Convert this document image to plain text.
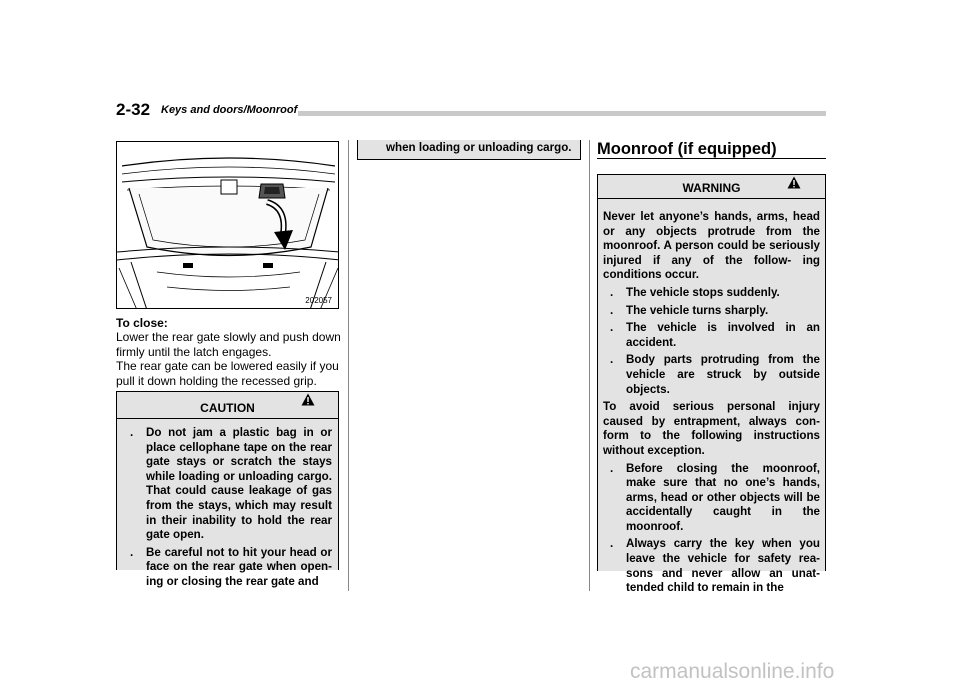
2-32 Keys and doors/Moonroof
202057
To close:
Lower the rear gate slowly and push down firmly until the latch engages.
The rear gate can be lowered easily if you pull it down holding the recessed grip.
CAUTION
. Do not jam a plastic bag in or place cellophane tape on the rear gate stays or scratch the stays while loading or unloading cargo. That could cause leakage of gas from the stays, which may result in their inability to hold the rear gate open.
. Be careful not to hit your head or face on the rear gate when open- ing or closing the rear gate and
when loading or unloading cargo.	Moonroof (if equipped)
WARNING
Never let anyone’s hands, arms, head or any objects protrude from the moonroof. A person could be seriously injured if any of the follow- ing conditions occur.
. The vehicle stops suddenly.
. The vehicle turns sharply.
. The vehicle is involved in an accident.
. Body parts protruding from the vehicle are struck by outside objects.
To avoid serious personal injury caused by entrapment, always con- form to the following instructions without exception.
. Before closing the moonroof, make sure that no one’s hands, arms, head or other objects will be accidentally caught in the moonroof.
. Always carry the key when you leave the vehicle for safety rea- sons and never allow an unat- tended child to remain in the
carmanualsonline.info
